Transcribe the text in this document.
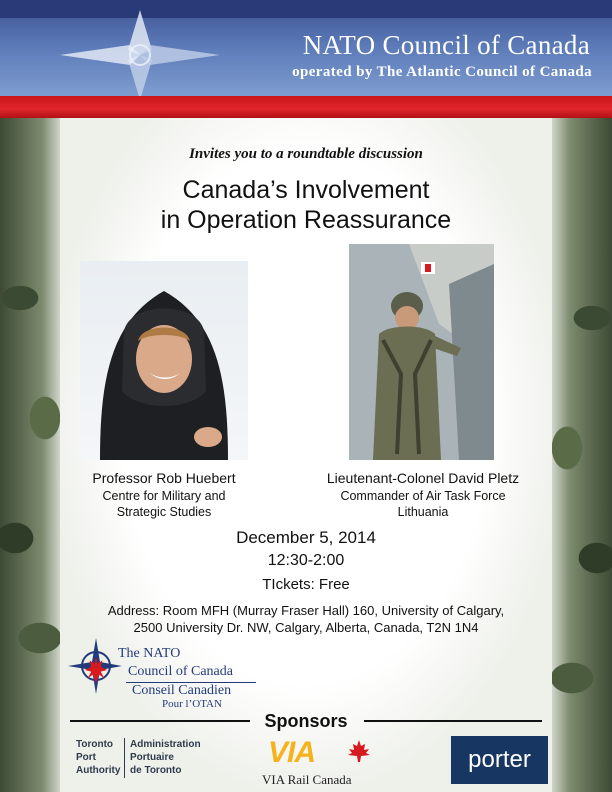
NATO Council of Canada
operated by The Atlantic Council of Canada
Invites you to a roundtable discussion
Canada’s Involvement
in Operation Reassurance
Professor Rob Huebert
Centre for Military and
Strategic Studies
Lieutenant-Colonel David Pletz
Commander of Air Task Force
Lithuania
December 5, 2014
12:30-2:00
TIckets: Free
Address: Room MFH (Murray Fraser Hall) 160, University of Calgary,
2500 University Dr. NW, Calgary, Alberta, Canada, T2N 1N4
The NATO
Council of Canada
Conseil Canadien
Pour l’OTAN
Sponsors
Toronto
Port
Authority
Administration
Portuaire
de Toronto
VIA
VIA Rail Canada
porter
